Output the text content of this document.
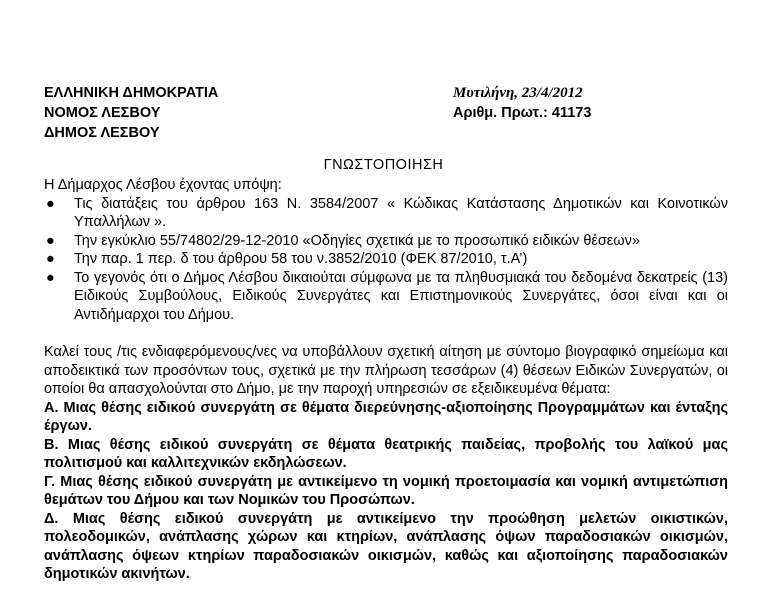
ΕΛΛΗΝΙΚΗ ΔΗΜΟΚΡΑΤΙΑ
ΝΟΜΟΣ ΛΕΣΒΟΥ
ΔΗΜΟΣ ΛΕΣΒΟΥ
Μυτιλήνη, 23/4/2012
Αριθμ. Πρωτ.: 41173
ΓΝΩΣΤΟΠΟΙΗΣΗ

Η Δήμαρχος Λέσβου έχοντας υπόψη:

● Τις διατάξεις του άρθρου 163 Ν. 3584/2007 « Κώδικας Κατάστασης Δημοτικών και Κοινοτικών Υπαλλήλων ».

● Την εγκύκλιο 55/74802/29-12-2010 «Οδηγίες σχετικά με το προσωπικό ειδικών θέσεων»

● Την παρ. 1 περ. δ του άρθρου 58 του ν.3852/2010 (ΦΕΚ 87/2010, τ.Α’)

● Το γεγονός ότι ο Δήμος Λέσβου δικαιούται σύμφωνα με τα πληθυσμιακά του δεδομένα δεκατρείς (13) Ειδικούς Συμβούλους, Ειδικούς Συνεργάτες και Επιστημονικούς Συνεργάτες, όσοι είναι και οι Αντιδήμαρχοι του Δήμου.

Καλεί τους /τις ενδιαφερόμενους/νες να υποβάλλουν σχετική αίτηση με σύντομο βιογραφικό σημείωμα και αποδεικτικά των προσόντων τους, σχετικά με την πλήρωση τεσσάρων (4) θέσεων Ειδικών Συνεργατών, οι οποίοι θα απασχολούνται στο Δήμο, με την παροχή υπηρεσιών σε εξειδικευμένα θέματα:

Α. Μιας θέσης ειδικού συνεργάτη σε θέματα διερεύνησης-αξιοποίησης Προγραμμάτων και ένταξης έργων.

Β. Μιας θέσης ειδικού συνεργάτη σε θέματα θεατρικής παιδείας, προβολής του λαϊκού μας πολιτισμού και καλλιτεχνικών εκδηλώσεων.

Γ. Μιας θέσης ειδικού συνεργάτη με αντικείμενο τη νομική προετοιμασία και νομική αντιμετώπιση θεμάτων του Δήμου και των Νομικών του Προσώπων.

Δ. Μιας θέσης ειδικού συνεργάτη με αντικείμενο την προώθηση μελετών οικιστικών, πολεοδομικών, ανάπλασης χώρων και κτηρίων, ανάπλασης όψων παραδοσιακών οικισμών, ανάπλασης όψεων κτηρίων παραδοσιακών οικισμών, καθώς και αξιοποίησης παραδοσιακών δημοτικών ακινήτων.
